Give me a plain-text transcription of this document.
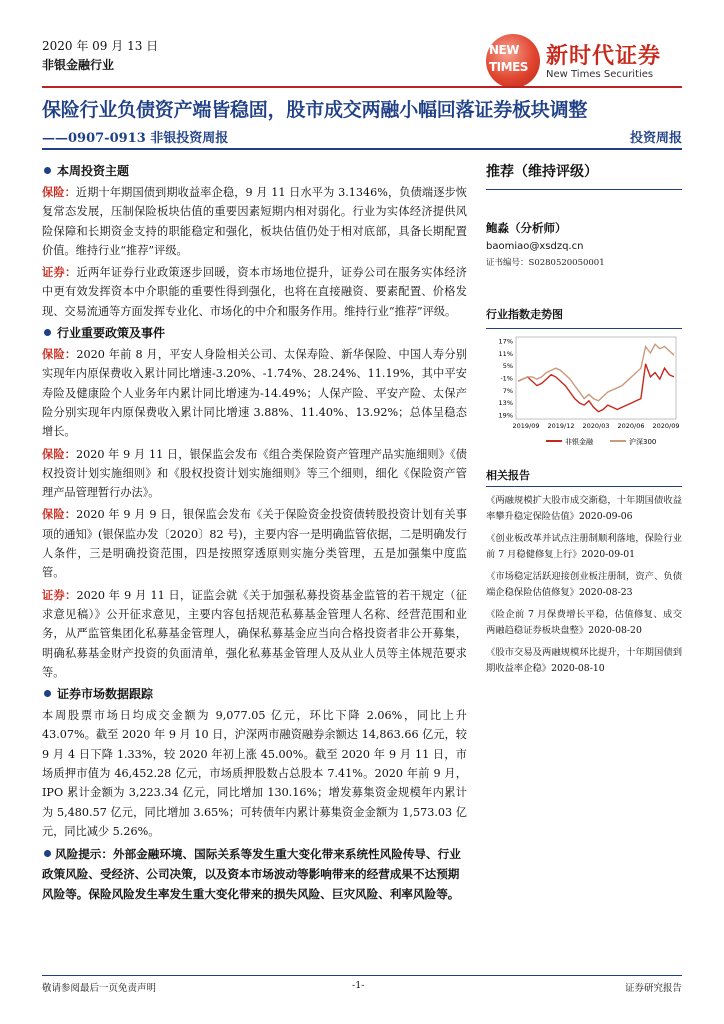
2020 年 09 月 13 日
非银金融行业
NEW
TIMES 新时代证券
New Times Securities
保险行业负债资产端皆稳固，股市成交两融小幅回落证券板块调整
——0907-0913 非银投资周报	投资周报
本周投资主题

保险：近期十年期国债到期收益率企稳，9 月 11 日水平为 3.1346%，负债端逐步恢复常态发展，压制保险板块估值的重要因素短期内相对弱化。行业为实体经济提供风险保障和长期资金支持的职能稳定和强化，板块估值仍处于相对底部，具备长期配置价值。维持行业“推荐”评级。

证券：近两年证券行业政策逐步回暖，资本市场地位提升，证券公司在服务实体经济中更有效发挥资本中介职能的重要性得到强化，也将在直接融资、要素配置、价格发现、交易流通等方面发挥专业化、市场化的中介和服务作用。维持行业“推荐”评级。

行业重要政策及事件

保险：2020 年前 8 月，平安人身险相关公司、太保寿险、新华保险、中国人寿分别实现年内原保费收入累计同比增速-3.20%、-1.74%、28.24%、11.19%，其中平安寿险及健康险个人业务年内累计同比增速为-14.49%；人保产险、平安产险、太保产险分别实现年内原保费收入累计同比增速 3.88%、11.40%、13.92%；总体呈稳态增长。

保险：2020 年 9 月 11 日，银保监会发布《组合类保险资产管理产品实施细则》《债权投资计划实施细则》和《股权投资计划实施细则》等三个细则，细化《保险资产管理产品管理暂行办法》。

保险：2020 年 9 月 9 日，银保监会发布《关于保险资金投资债转股投资计划有关事项的通知》(银保监办发〔2020〕82 号)，主要内容一是明确监管依据，二是明确发行人条件，三是明确投资范围，四是按照穿透原则实施分类管理，五是加强集中度监管。

证券：2020 年 9 月 11 日，证监会就《关于加强私募投资基金监管的若干规定（征求意见稿）》公开征求意见，主要内容包括规范私募基金管理人名称、经营范围和业务，从严监管集团化私募基金管理人，确保私募基金应当向合格投资者非公开募集，明确私募基金财产投资的负面清单，强化私募基金管理人及从业人员等主体规范要求等。

证券市场数据跟踪

本周股票市场日均成交金额为 9,077.05 亿元，环比下降 2.06%，同比上升 43.07%。截至 2020 年 9 月 10 日，沪深两市融资融券余额达 14,863.66 亿元，较 9 月 4 日下降 1.33%，较 2020 年初上涨 45.00%。截至 2020 年 9 月 11 日，市场质押市值为 46,452.28 亿元，市场质押股数占总股本 7.41%。2020 年前 9 月，IPO 累计金额为 3,223.34 亿元，同比增加 130.16%；增发募集资金规模年内累计为 5,480.57 亿元，同比增加 3.65%；可转债年内累计募集资金金额为 1,573.03 亿元，同比减少 5.26%。

风险提示：外部金融环境、国际关系等发生重大变化带来系统性风险传导、行业政策风险、受经济、公司决策，以及资本市场波动等影响带来的经营成果不达预期风险等。保险风险发生率发生重大变化带来的损失风险、巨灾风险、利率风险等。
推荐（维持评级）
鲍淼（分析师）
baomiao@xsdzq.cn
证书编号：S0280520050001
行业指数走势图
17%
11%
5%
-1%
7%
13%
19%
2019/09 2019/12 2020/03 2020/06 2020/09
非银金融	沪深300
相关报告
《两融规模扩大股市成交渐稳，十年期国债收益率攀升稳定保险估值》2020-09-06
《创业板改革并试点注册制顺利落地，保险行业前 7 月稳健修复上行》2020-09-01
《市场稳定活跃迎接创业板注册制，资产、负债端企稳保险估值修复》2020-08-23
《险企前 7 月保费增长平稳，估值修复、成交两融趋稳证券板块盘整》2020-08-20
《股市交易及两融规模环比提升，十年期国债到期收益率企稳》2020-08-10
敬请参阅最后一页免责声明	-1-	证券研究报告
